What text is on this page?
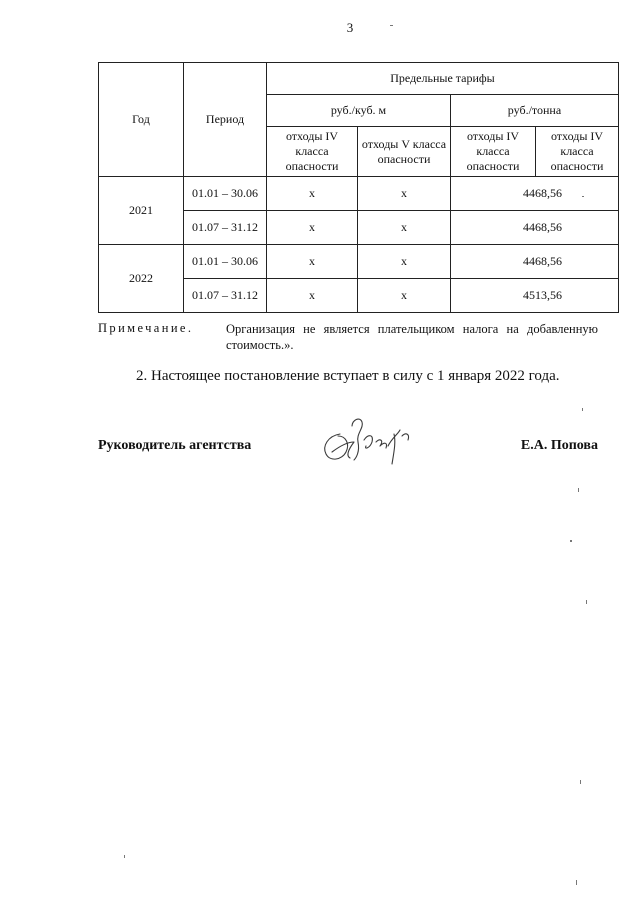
3
Год	Период	Предельные тарифы			
		руб./куб. м		руб./тонна	
		отходы IV класса опасности	отходы V класса опасности	отходы IV класса опасности	отходы IV класса опасности
2021	01.01 – 30.06	х	х	4468,56	
	01.07 – 31.12	х	х	4468,56	
2022	01.01 – 30.06	х	х	4468,56	
	01.07 – 31.12	х	х	4513,56	
Примечание.	Организация не является плательщиком налога на добавленную стоимость.».
2. Настоящее постановление вступает в силу с 1 января 2022 года.
Руководитель агентства	Е.А. Попова
